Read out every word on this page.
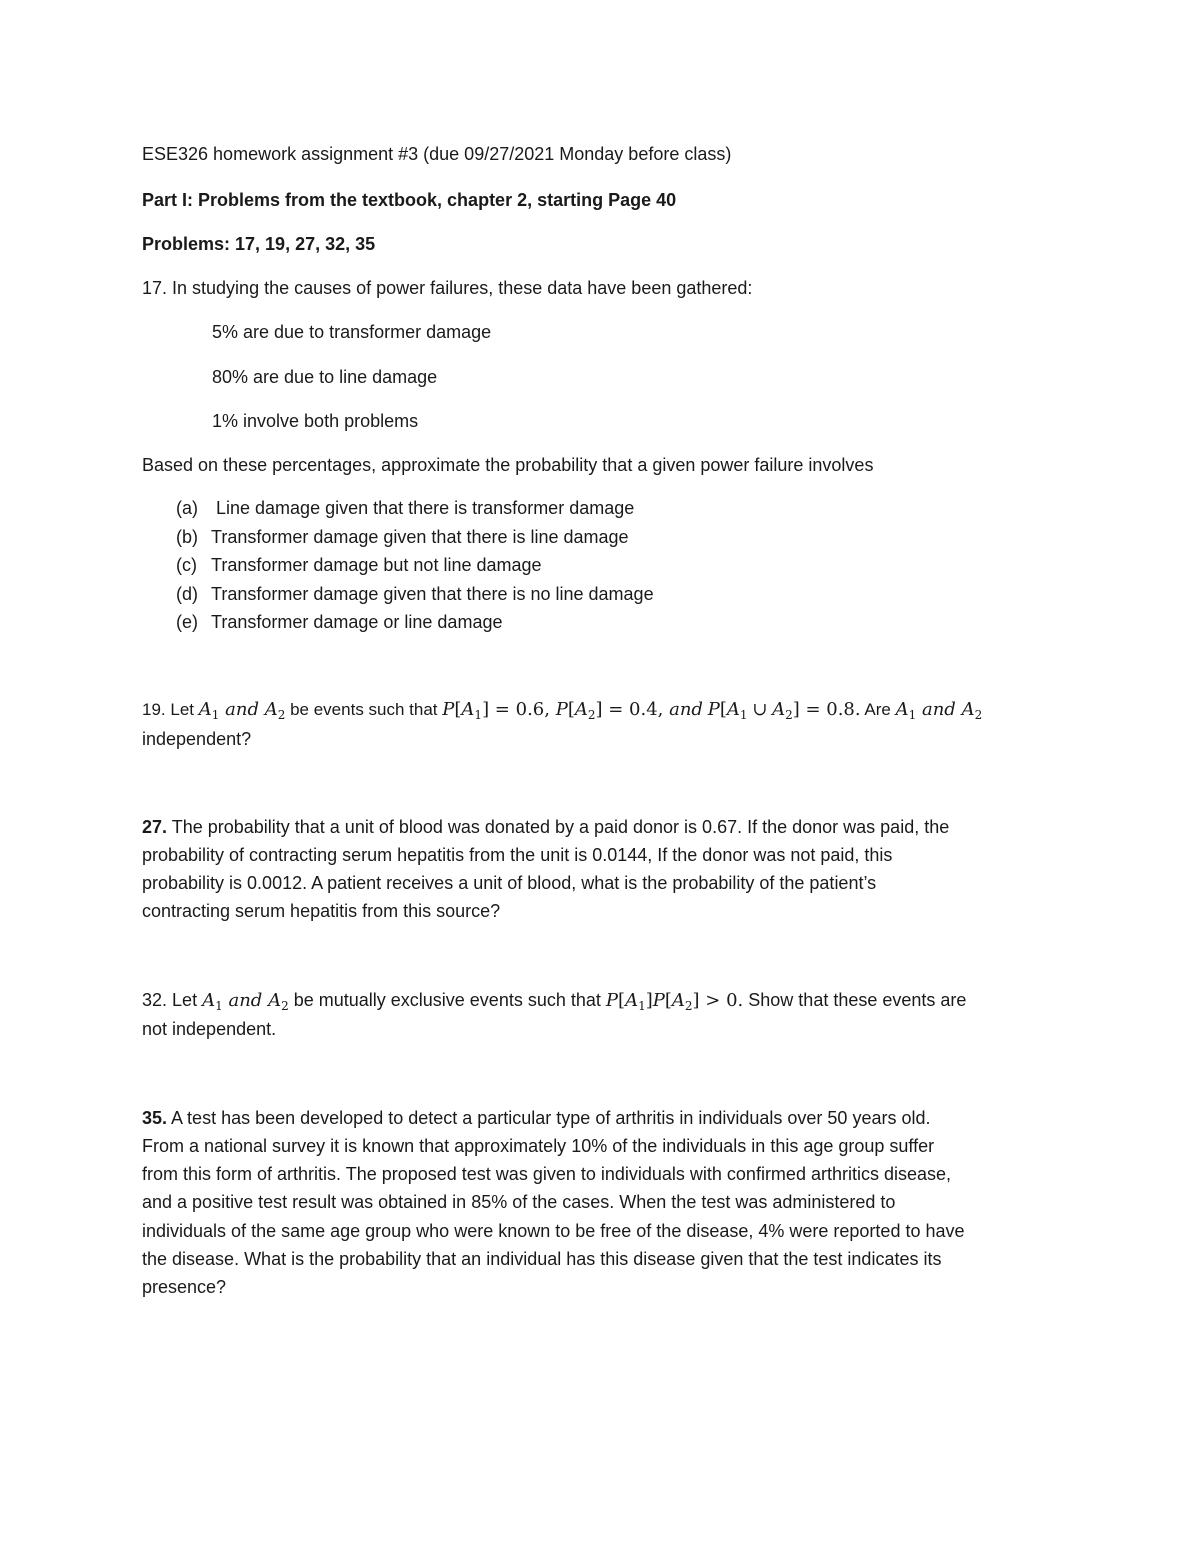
ESE326 homework assignment #3 (due 09/27/2021 Monday before class)
Part I: Problems from the textbook, chapter 2, starting Page 40
Problems: 17, 19, 27, 32, 35
17. In studying the causes of power failures, these data have been gathered:
5% are due to transformer damage
80% are due to line damage
1% involve both problems
Based on these percentages, approximate the probability that a given power failure involves
(a) Line damage given that there is transformer damage
(b) Transformer damage given that there is line damage
(c) Transformer damage but not line damage
(d) Transformer damage given that there is no line damage
(e) Transformer damage or line damage
19. Let $A_1$ and $A_2$ be events such that $P[A_1] = 0.6$, $P[A_2] = 0.4$, and $P[A_1$ ∪ $A_2] = 0.8$. Are $A_1$ and $A_2$
independent?
27. The probability that a unit of blood was donated by a paid donor is 0.67. If the donor was paid, the
probability of contracting serum hepatitis from the unit is 0.0144, If the donor was not paid, this
probability is 0.0012. A patient receives a unit of blood, what is the probability of the patient’s
contracting serum hepatitis from this source?
32. Let $A_1$ and $A_2$ be mutually exclusive events such that $P[A_1]P[A_2] > 0$. Show that these events are
not independent.
35. A test has been developed to detect a particular type of arthritis in individuals over 50 years old.
From a national survey it is known that approximately 10% of the individuals in this age group suffer
from this form of arthritis. The proposed test was given to individuals with confirmed arthritics disease,
and a positive test result was obtained in 85% of the cases. When the test was administered to
individuals of the same age group who were known to be free of the disease, 4% were reported to have
the disease. What is the probability that an individual has this disease given that the test indicates its
presence?
